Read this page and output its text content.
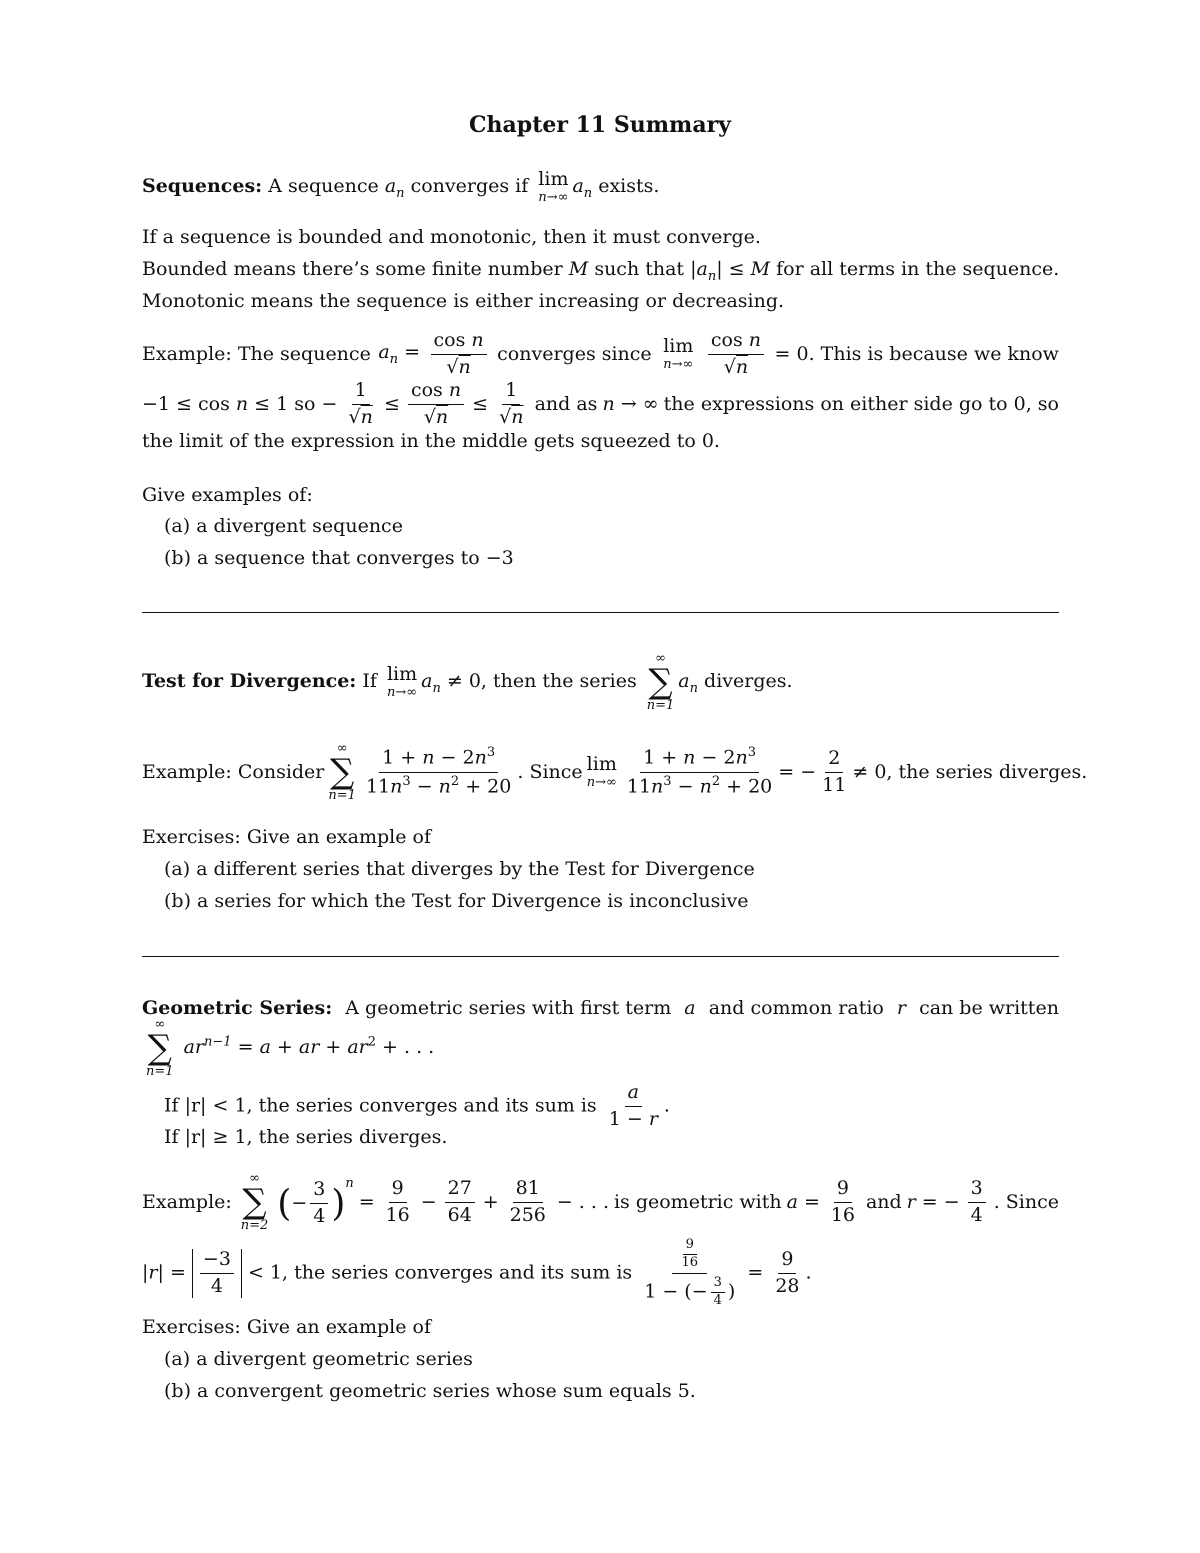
Chapter 11 Summary
Sequences: A sequence $a_n$ converges if lim
n→∞
$a_n$ exists.
If a sequence is bounded and monotonic, then it must converge.
Bounded means there’s some finite number M such that $|a_n| \le M$ for all terms in the sequence.
Monotonic means the sequence is either increasing or decreasing.
Example: The sequence $a_n = \frac{\text{cos n}}{√n}$ converges since lim
$n\to\infty \frac{\text{cos n}}{√n} = 0$. This is because we know
−1 ≤ cos n ≤ 1 so − $\frac{1}{√n} \le \frac{\text{cos n}}{√n} \le \frac{1}{√n}$ and as n → ∞ the expressions on either side go to 0, so
the limit of the expression in the middle gets squeezed to 0.
Give examples of:
(a) a divergent sequence
(b) a sequence that converges to −3
Test for Divergence: If lim
n→∞
$a_n \ne 0$, then the series
∞
∑
n=1
$a_n$ diverges.
Example: Consider
∞
∑
$n=1 \frac{1 + n - 2n^3}{11n^3 - n^2 + 20}$ . Since lim
$n\to\infty \frac{1 + n - 2n^3}{11n^3 - n^2 + 20}$ = − $\frac{2}{11} \ne 0$, the series diverges.
Exercises: Give an example of
(a) a different series that diverges by the Test for Divergence
(b) a series for which the Test for Divergence is inconclusive
Geometric Series: A geometric series with first term a and common ratio r can be written
∞
∑
n=1
$ar^{n-1} = a$ + ar + $ar^2$ + . . .
If |r| < 1, the series converges and its sum is $\frac{a}{1 - r}$ .
If |r| ≥ 1, the series diverges.
Example:
∞
∑
n=2
(− $\frac{3}{4} )^n$
= $\frac{9}{16} - \frac{27}{64} + \frac{81}{256}$ − . . . is geometric with $a = \frac{9}{16}$ and r = − $\frac{3}{4}$ . Since
$|r| = \frac{-3}{4} < 1$, the series converges and its sum is $\frac{\frac{9}{16}}{1 - (- \frac{3}{4} )} = \frac{9}{28}$ .
Exercises: Give an example of
(a) a divergent geometric series
(b) a convergent geometric series whose sum equals 5.
